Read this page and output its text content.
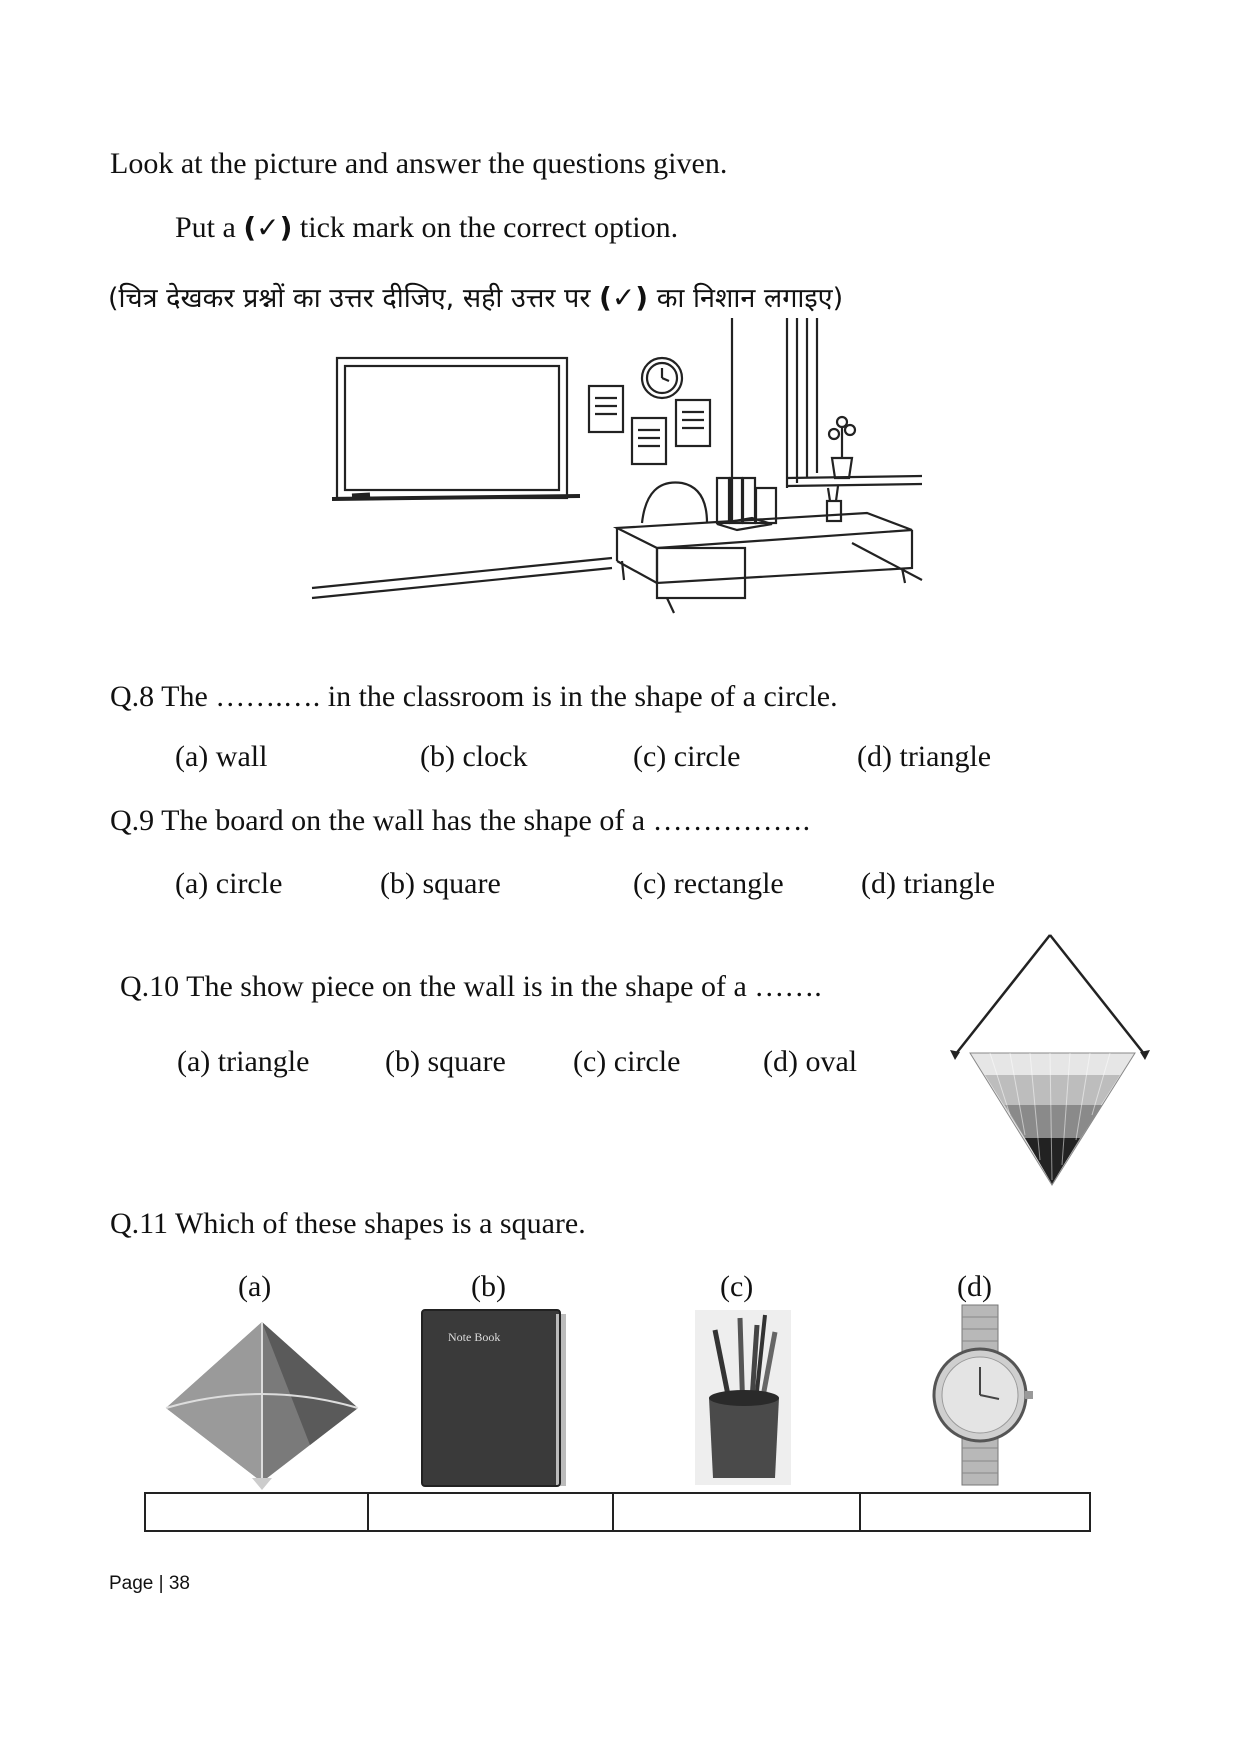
Look at the picture and answer the questions given.
Put a (✓) tick mark on the correct option.
(चित्र देखकर प्रश्नों का उत्तर दीजिए, सही उत्तर पर (✓) का निशान लगाइए)
Q.8 The …….…. in the classroom is in the shape of a circle.
(a) wall	(b) clock	(c) circle	(d) triangle
Q.9 The board on the wall has the shape of a …………….
(a) circle	(b) square	(c) rectangle	(d) triangle
Q.10 The show piece on the wall is in the shape of a …….
(a) triangle	(b) square (c) circle	(d) oval
Q.11 Which of these shapes is a square.
(a)	(b)	(c)	(d)
Note Book
Page | 38
